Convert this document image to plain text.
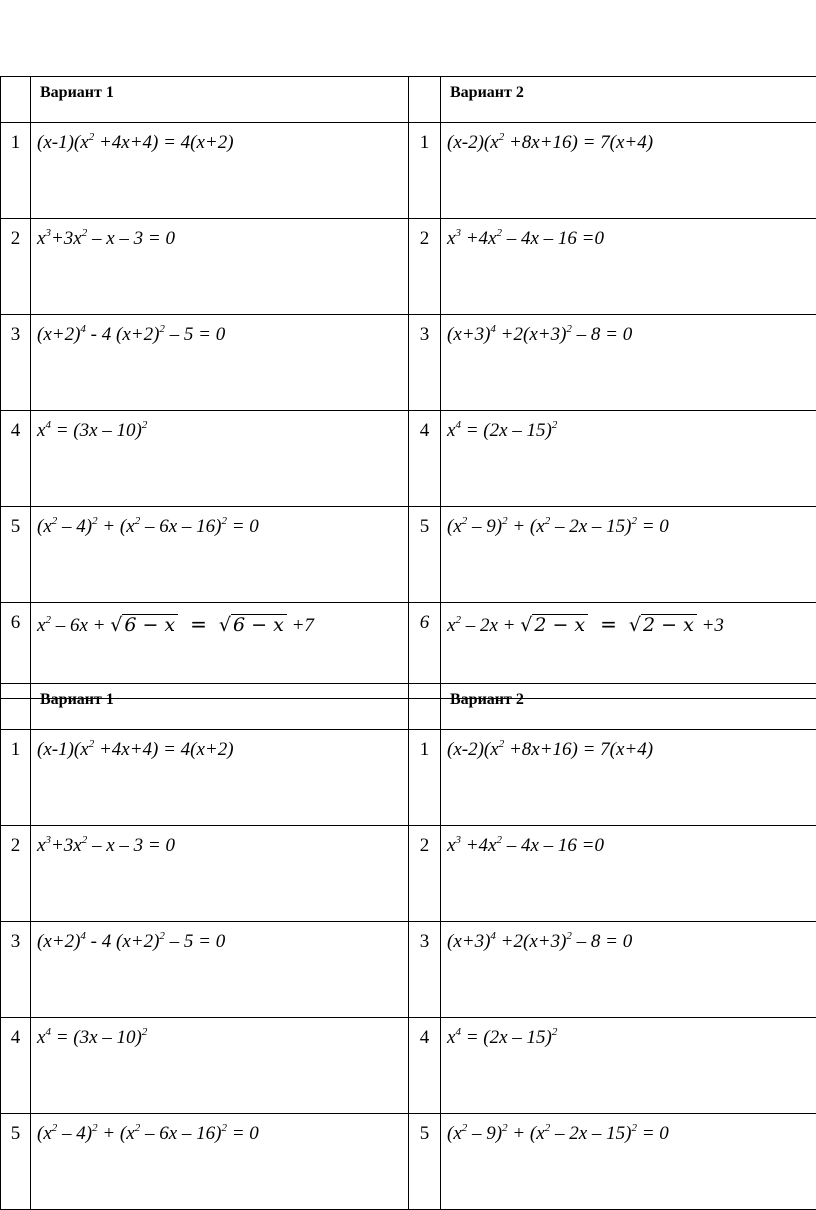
	Вариант 1		Вариант 2
1	$(x-1)(x^2 +4x+4) = 4(x+2)$	1	$(x-2)(x^2 +8x+16) = 7(x+4)$
2	$x^3+3x^2 - x - 3 = 0$	2	$x^3 +4x^2 - 4x - 16 =0$
3	$(x+2)^4 - 4$ $(x+2)^2 - 5 = 0$	3	$(x+3)^4 +2(x+3)^2 - 8 = 0$
4	$x^4 = (3x - 10)^2$	4	$x^4 = (2x - 15)^2$
5	$(x^2 - 4)^2 + (x^2 - 6x - 16)^2 = 0$	5	$(x^2 - 9)^2 + (x^2 - 2x - 15)^2 = 0$
6	$x^2 - 6x$ + √ 6 − x = √ 6 − x +7	6	$x^2 - 2x$ + √ 2 − x = √ 2 − x +3
	Вариант 1		Вариант 2
1	$(x-1)(x^2 +4x+4) = 4(x+2)$	1	$(x-2)(x^2 +8x+16) = 7(x+4)$
2	$x^3+3x^2 - x - 3 = 0$	2	$x^3 +4x^2 - 4x - 16 =0$
3	$(x+2)^4 - 4$ $(x+2)^2 - 5 = 0$	3	$(x+3)^4 +2(x+3)^2 - 8 = 0$
4	$x^4 = (3x - 10)^2$	4	$x^4 = (2x - 15)^2$
5	$(x^2 - 4)^2 + (x^2 - 6x - 16)^2 = 0$	5	$(x^2 - 9)^2 + (x^2 - 2x - 15)^2 = 0$
